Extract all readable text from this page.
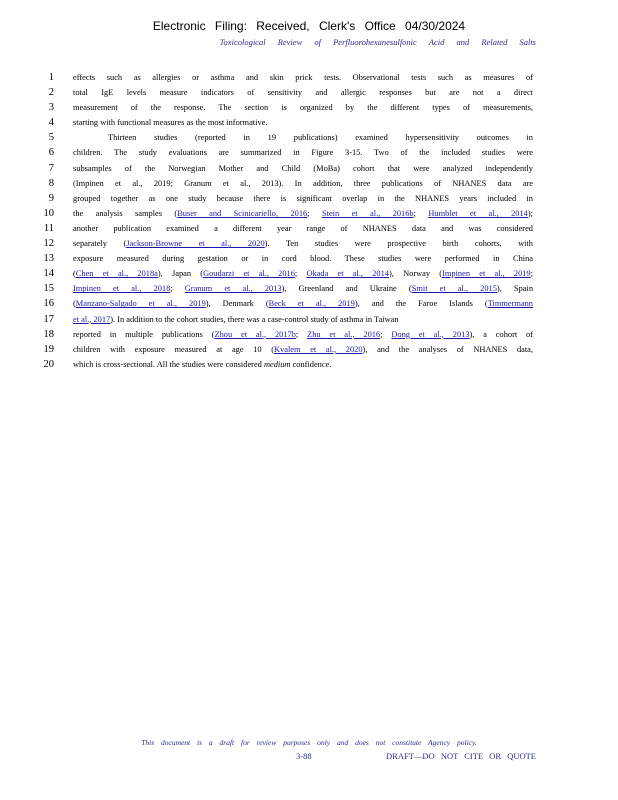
Electronic Filing: Received, Clerk's Office 04/30/2024
Toxicological Review of Perfluorohexanesulfonic Acid and Related Salts
1 effects such as allergies or asthma and skin prick tests. Observational tests such as measures of
2 total IgE levels measure indicators of sensitivity and allergic responses but are not a direct
3 measurement of the response. The section is organized by the different types of measurements,
4 starting with functional measures as the most informative.
5	Thirteen studies (reported in 19 publications) examined hypersensitivity outcomes in
6 children. The study evaluations are summarized in Figure 3-15. Two of the included studies were
7 subsamples of the Norwegian Mother and Child (MoBa) cohort that were analyzed independently
8 (Impinen et al., 2019; Granum et al., 2013). In addition, three publications of NHANES data are
9 grouped together as one study because there is significant overlap in the NHANES years included in
10 the analysis samples (Buser and Scinicariello, 2016; Stein et al., 2016b; Humblet et al., 2014);
11 another publication examined a different year range of NHANES data and was considered
12 separately (Jackson-Browne et al., 2020). Ten studies were prospective birth cohorts, with
13 exposure measured during gestation or in cord blood. These studies were performed in China
14 (Chen et al., 2018a), Japan (Goudarzi et al., 2016; Okada et al., 2014), Norway (Impinen et al., 2019;
15 Impinen et al., 2018; Granum et al., 2013), Greenland and Ukraine (Smit et al., 2015), Spain
16 (Manzano-Salgado et al., 2019), Denmark (Beck et al., 2019), and the Faroe Islands (Timmermann
17 et al., 2017). In addition to the cohort studies, there was a case-control study of asthma in Taiwan
18 reported in multiple publications (Zhou et al., 2017b; Zhu et al., 2016; Dong et al., 2013), a cohort of
19 children with exposure measured at age 10 (Kvalem et al., 2020), and the analyses of NHANES data,
20 which is cross-sectional. All the studies were considered medium confidence.
This document is a draft for review purposes only and does not constitute Agency policy.
3-88	DRAFT—DO NOT CITE OR QUOTE
